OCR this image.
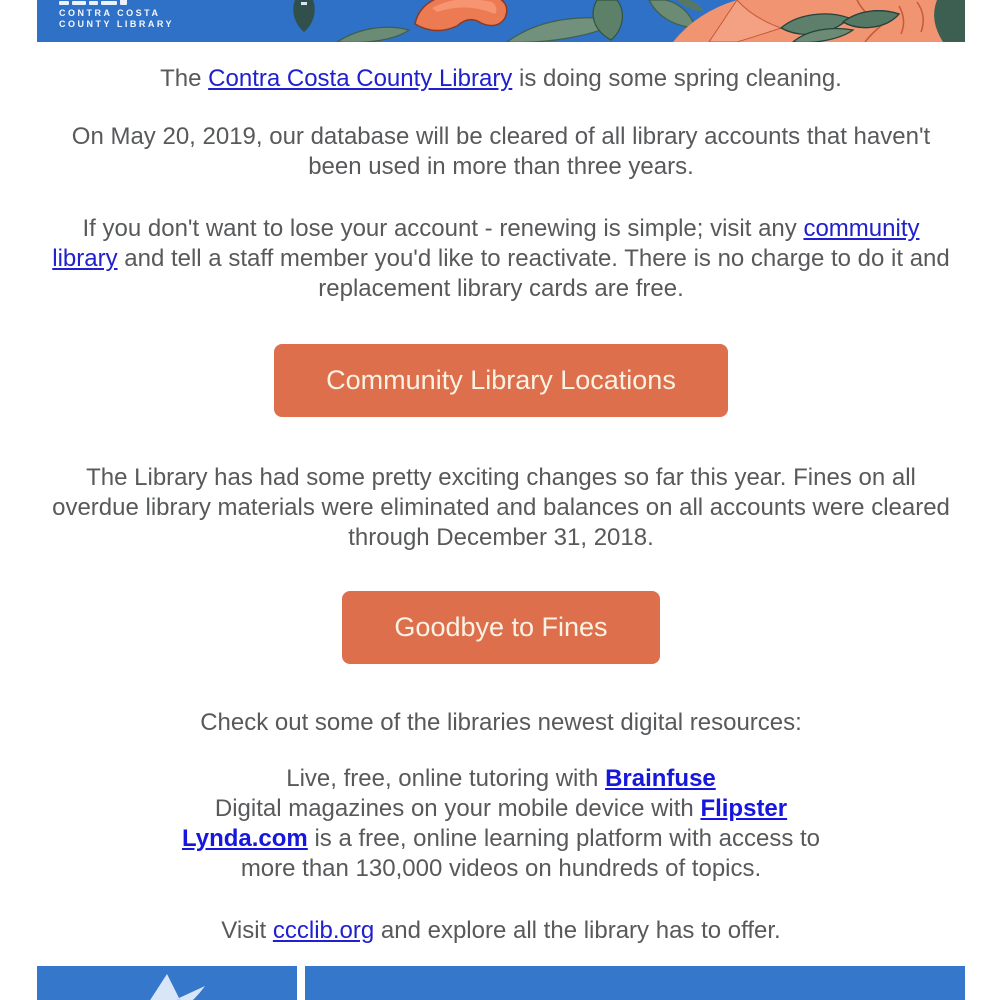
CONTRA COSTA
COUNTY LIBRARY

The Contra Costa County Library is doing some spring cleaning.

On May 20, 2019, our database will be cleared of all library accounts that haven't been used in more than three years.

If you don't want to lose your account - renewing is simple; visit any community library and tell a staff member you'd like to reactivate. There is no charge to do it and replacement library cards are free.

Community Library Locations

The Library has had some pretty exciting changes so far this year. Fines on all overdue library materials were eliminated and balances on all accounts were cleared through December 31, 2018.

Goodbye to Fines

Check out some of the libraries newest digital resources:

Live, free, online tutoring with Brainfuse
Digital magazines on your mobile device with Flipster
Lynda.com is a free, online learning platform with access to more than 130,000 videos on hundreds of topics.

Visit ccclib.org and explore all the library has to offer.
